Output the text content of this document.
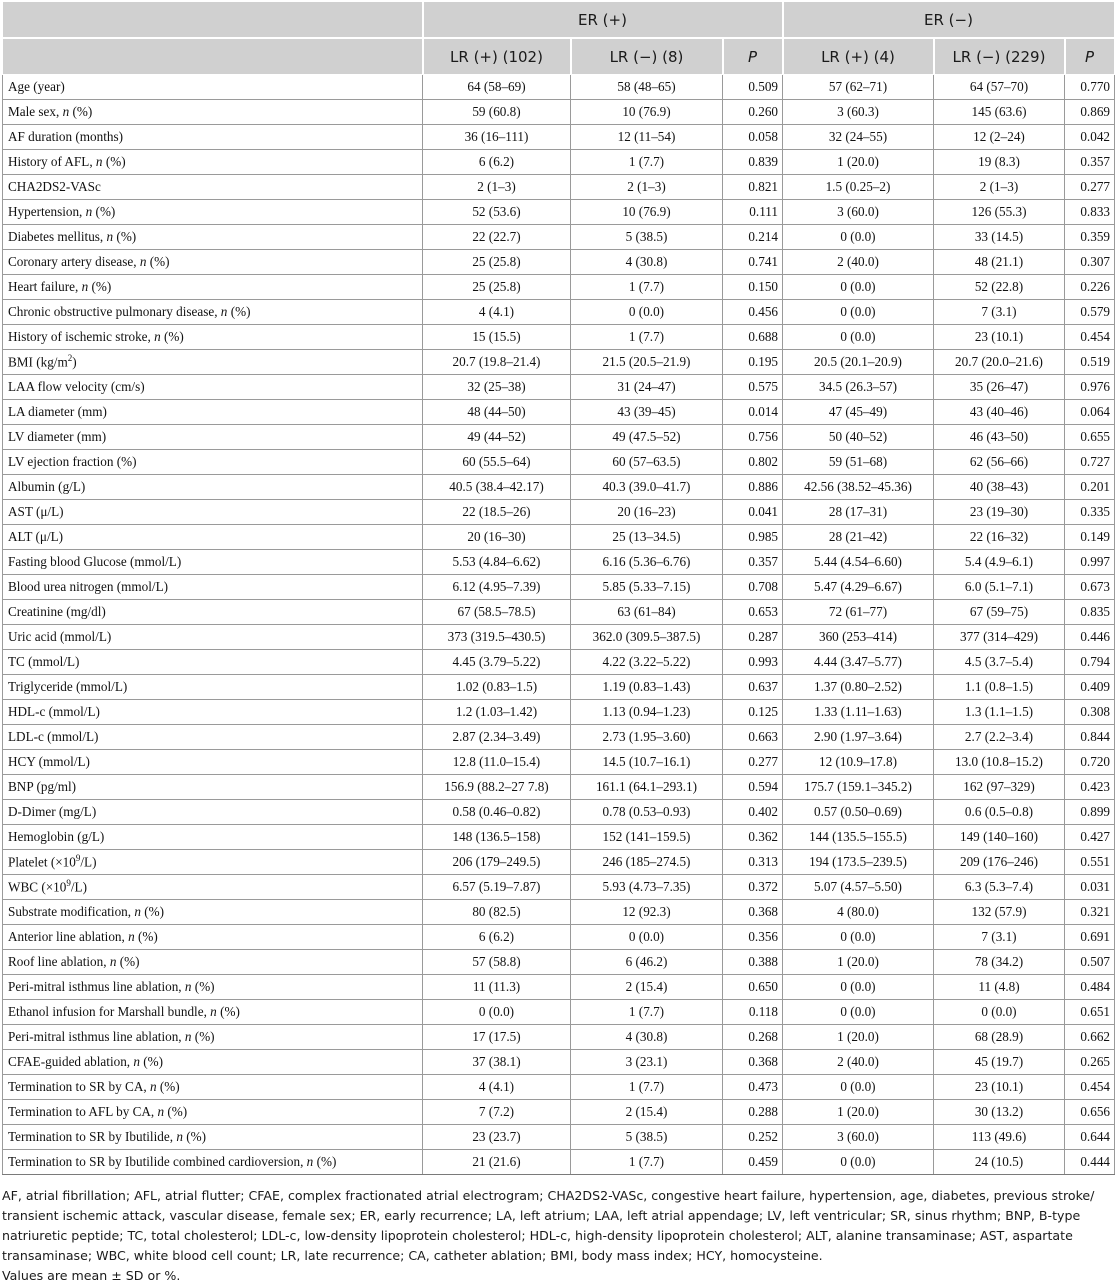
	ER (+)			ER (−)		
	LR (+) (102)	LR (−) (8)	P	LR (+) (4)	LR (−) (229)	P
Age (year)	64 (58–69)	58 (48–65)	0.509	57 (62–71)	64 (57–70)	0.770
Male sex, n (%)	59 (60.8)	10 (76.9)	0.260	3 (60.3)	145 (63.6)	0.869
AF duration (months)	36 (16–111)	12 (11–54)	0.058	32 (24–55)	12 (2–24)	0.042
History of AFL, n (%)	6 (6.2)	1 (7.7)	0.839	1 (20.0)	19 (8.3)	0.357
CHA2DS2-VASc	2 (1–3)	2 (1–3)	0.821	1.5 (0.25–2)	2 (1–3)	0.277
Hypertension, n (%)	52 (53.6)	10 (76.9)	0.111	3 (60.0)	126 (55.3)	0.833
Diabetes mellitus, n (%)	22 (22.7)	5 (38.5)	0.214	0 (0.0)	33 (14.5)	0.359
Coronary artery disease, n (%)	25 (25.8)	4 (30.8)	0.741	2 (40.0)	48 (21.1)	0.307
Heart failure, n (%)	25 (25.8)	1 (7.7)	0.150	0 (0.0)	52 (22.8)	0.226
Chronic obstructive pulmonary disease, n (%)	4 (4.1)	0 (0.0)	0.456	0 (0.0)	7 (3.1)	0.579
History of ischemic stroke, n (%)	15 (15.5)	1 (7.7)	0.688	0 (0.0)	23 (10.1)	0.454
BMI $(kg/m^2)$	20.7 (19.8–21.4)	21.5 (20.5–21.9)	0.195	20.5 (20.1–20.9)	20.7 (20.0–21.6)	0.519
LAA flow velocity (cm/s)	32 (25–38)	31 (24–47)	0.575	34.5 (26.3–57)	35 (26–47)	0.976
LA diameter (mm)	48 (44–50)	43 (39–45)	0.014	47 (45–49)	43 (40–46)	0.064
LV diameter (mm)	49 (44–52)	49 (47.5–52)	0.756	50 (40–52)	46 (43–50)	0.655
LV ejection fraction (%)	60 (55.5–64)	60 (57–63.5)	0.802	59 (51–68)	62 (56–66)	0.727
Albumin (g/L)	40.5 (38.4–42.17)	40.3 (39.0–41.7)	0.886	42.56 (38.52–45.36)	40 (38–43)	0.201
AST (μ/L)	22 (18.5–26)	20 (16–23)	0.041	28 (17–31)	23 (19–30)	0.335
ALT (μ/L)	20 (16–30)	25 (13–34.5)	0.985	28 (21–42)	22 (16–32)	0.149
Fasting blood Glucose (mmol/L)	5.53 (4.84–6.62)	6.16 (5.36–6.76)	0.357	5.44 (4.54–6.60)	5.4 (4.9–6.1)	0.997
Blood urea nitrogen (mmol/L)	6.12 (4.95–7.39)	5.85 (5.33–7.15)	0.708	5.47 (4.29–6.67)	6.0 (5.1–7.1)	0.673
Creatinine (mg/dl)	67 (58.5–78.5)	63 (61–84)	0.653	72 (61–77)	67 (59–75)	0.835
Uric acid (mmol/L)	373 (319.5–430.5)	362.0 (309.5–387.5)	0.287	360 (253–414)	377 (314–429)	0.446
TC (mmol/L)	4.45 (3.79–5.22)	4.22 (3.22–5.22)	0.993	4.44 (3.47–5.77)	4.5 (3.7–5.4)	0.794
Triglyceride (mmol/L)	1.02 (0.83–1.5)	1.19 (0.83–1.43)	0.637	1.37 (0.80–2.52)	1.1 (0.8–1.5)	0.409
HDL-c (mmol/L)	1.2 (1.03–1.42)	1.13 (0.94–1.23)	0.125	1.33 (1.11–1.63)	1.3 (1.1–1.5)	0.308
LDL-c (mmol/L)	2.87 (2.34–3.49)	2.73 (1.95–3.60)	0.663	2.90 (1.97–3.64)	2.7 (2.2–3.4)	0.844
HCY (mmol/L)	12.8 (11.0–15.4)	14.5 (10.7–16.1)	0.277	12 (10.9–17.8)	13.0 (10.8–15.2)	0.720
BNP (pg/ml)	156.9 (88.2–27 7.8)	161.1 (64.1–293.1)	0.594	175.7 (159.1–345.2)	162 (97–329)	0.423
D-Dimer (mg/L)	0.58 (0.46–0.82)	0.78 (0.53–0.93)	0.402	0.57 (0.50–0.69)	0.6 (0.5–0.8)	0.899
Hemoglobin (g/L)	148 (136.5–158)	152 (141–159.5)	0.362	144 (135.5–155.5)	149 (140–160)	0.427
Platelet $(\times 10^9/L)$	206 (179–249.5)	246 (185–274.5)	0.313	194 (173.5–239.5)	209 (176–246)	0.551
WBC $(\times 10^9/L)$	6.57 (5.19–7.87)	5.93 (4.73–7.35)	0.372	5.07 (4.57–5.50)	6.3 (5.3–7.4)	0.031
Substrate modification, n (%)	80 (82.5)	12 (92.3)	0.368	4 (80.0)	132 (57.9)	0.321
Anterior line ablation, n (%)	6 (6.2)	0 (0.0)	0.356	0 (0.0)	7 (3.1)	0.691
Roof line ablation, n (%)	57 (58.8)	6 (46.2)	0.388	1 (20.0)	78 (34.2)	0.507
Peri-mitral isthmus line ablation, n (%)	11 (11.3)	2 (15.4)	0.650	0 (0.0)	11 (4.8)	0.484
Ethanol infusion for Marshall bundle, n (%)	0 (0.0)	1 (7.7)	0.118	0 (0.0)	0 (0.0)	0.651
Peri-mitral isthmus line ablation, n (%)	17 (17.5)	4 (30.8)	0.268	1 (20.0)	68 (28.9)	0.662
CFAE-guided ablation, n (%)	37 (38.1)	3 (23.1)	0.368	2 (40.0)	45 (19.7)	0.265
Termination to SR by CA, n (%)	4 (4.1)	1 (7.7)	0.473	0 (0.0)	23 (10.1)	0.454
Termination to AFL by CA, n (%)	7 (7.2)	2 (15.4)	0.288	1 (20.0)	30 (13.2)	0.656
Termination to SR by Ibutilide, n (%)	23 (23.7)	5 (38.5)	0.252	3 (60.0)	113 (49.6)	0.644
Termination to SR by Ibutilide combined cardioversion, n (%)	21 (21.6)	1 (7.7)	0.459	0 (0.0)	24 (10.5)	0.444

AF, atrial fibrillation; AFL, atrial flutter; CFAE, complex fractionated atrial electrogram; CHA2DS2-VASc, congestive heart failure, hypertension, age, diabetes, previous stroke/ transient ischemic attack, vascular disease, female sex; ER, early recurrence; LA, left atrium; LAA, left atrial appendage; LV, left ventricular; SR, sinus rhythm; BNP, B-type natriuretic peptide; TC, total cholesterol; LDL-c, low-density lipoprotein cholesterol; HDL-c, high-density lipoprotein cholesterol; ALT, alanine transaminase; AST, aspartate transaminase; WBC, white blood cell count; LR, late recurrence; CA, catheter ablation; BMI, body mass index; HCY, homocysteine.

Values are mean ± SD or %.
